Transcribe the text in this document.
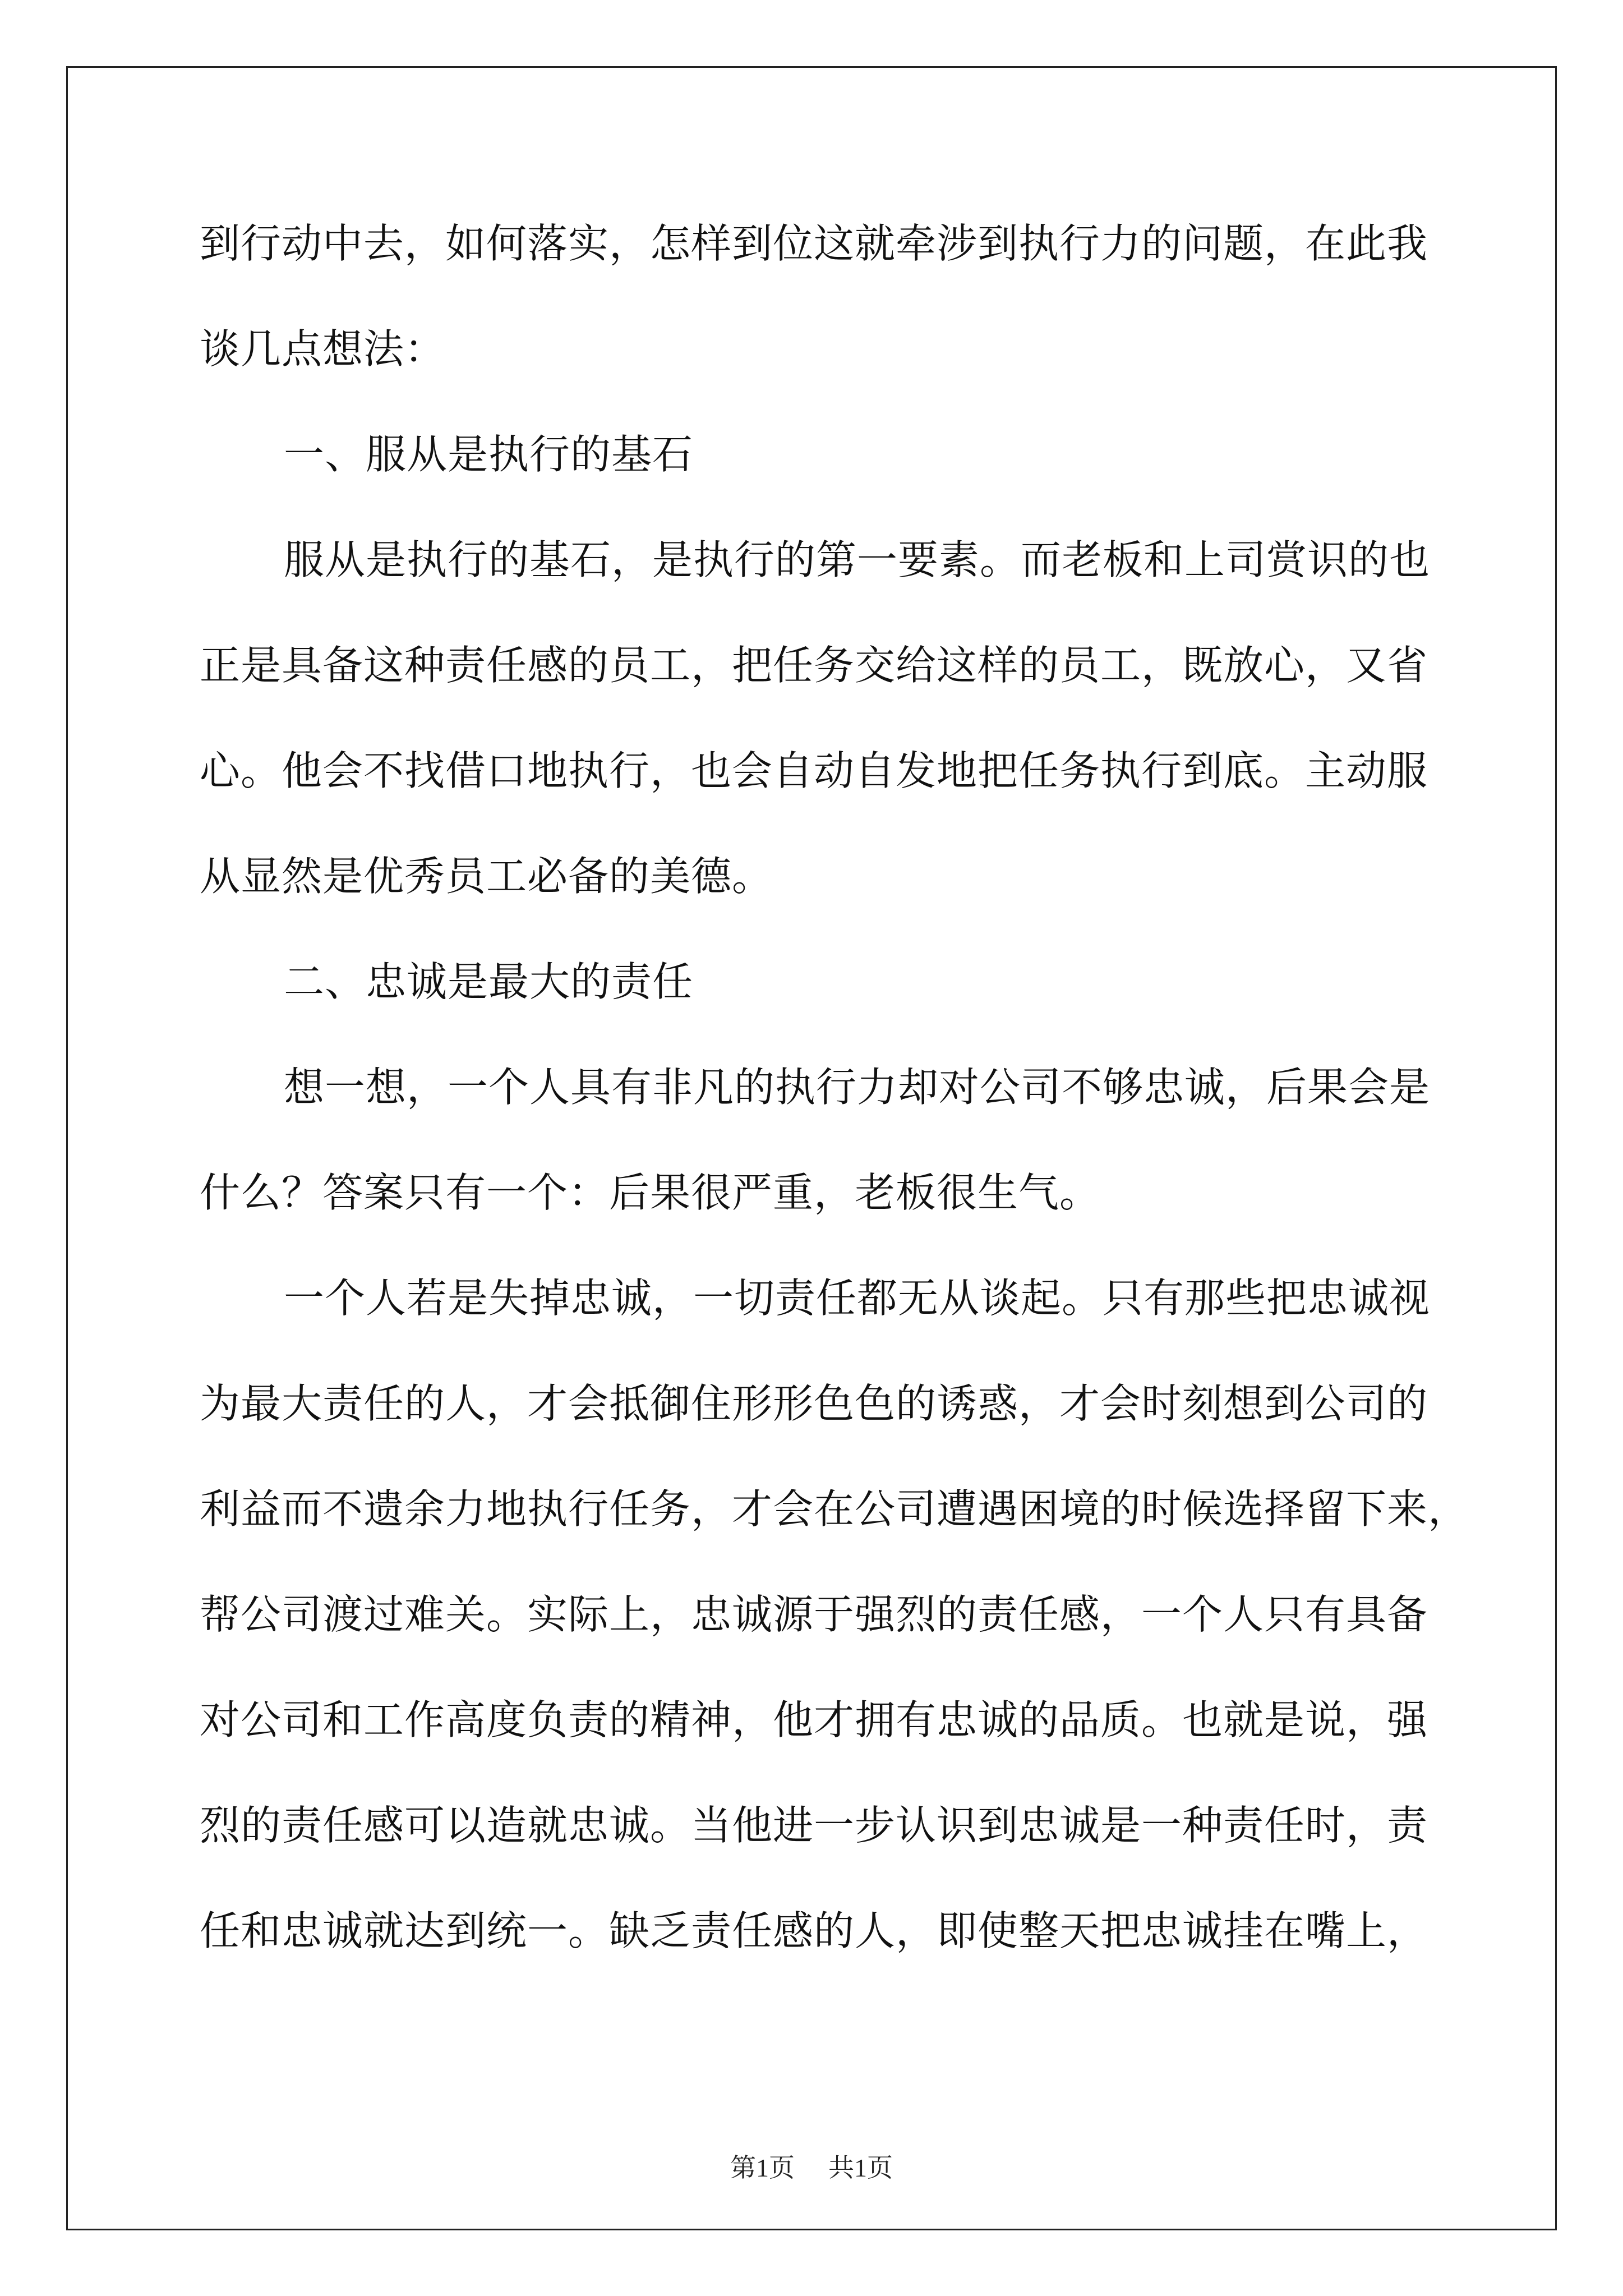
到行动中去，如何落实，怎样到位这就牵涉到执行力的问题，在此我
谈几点想法：
一、服从是执行的基石
服从是执行的基石，是执行的第一要素。而老板和上司赏识的也
正是具备这种责任感的员工，把任务交给这样的员工，既放心，又省
心。他会不找借口地执行，也会自动自发地把任务执行到底。主动服
从显然是优秀员工必备的美德。
二、忠诚是最大的责任
想一想，一个人具有非凡的执行力却对公司不够忠诚，后果会是
什么？答案只有一个：后果很严重，老板很生气。
一个人若是失掉忠诚，一切责任都无从谈起。只有那些把忠诚视
为最大责任的人，才会抵御住形形色色的诱惑，才会时刻想到公司的
利益而不遗余力地执行任务，才会在公司遭遇困境的时候选择留下来，
帮公司渡过难关。实际上，忠诚源于强烈的责任感，一个人只有具备
对公司和工作高度负责的精神，他才拥有忠诚的品质。也就是说，强
烈的责任感可以造就忠诚。当他进一步认识到忠诚是一种责任时，责
任和忠诚就达到统一。缺乏责任感的人，即使整天把忠诚挂在嘴上，
第1页 共1页
